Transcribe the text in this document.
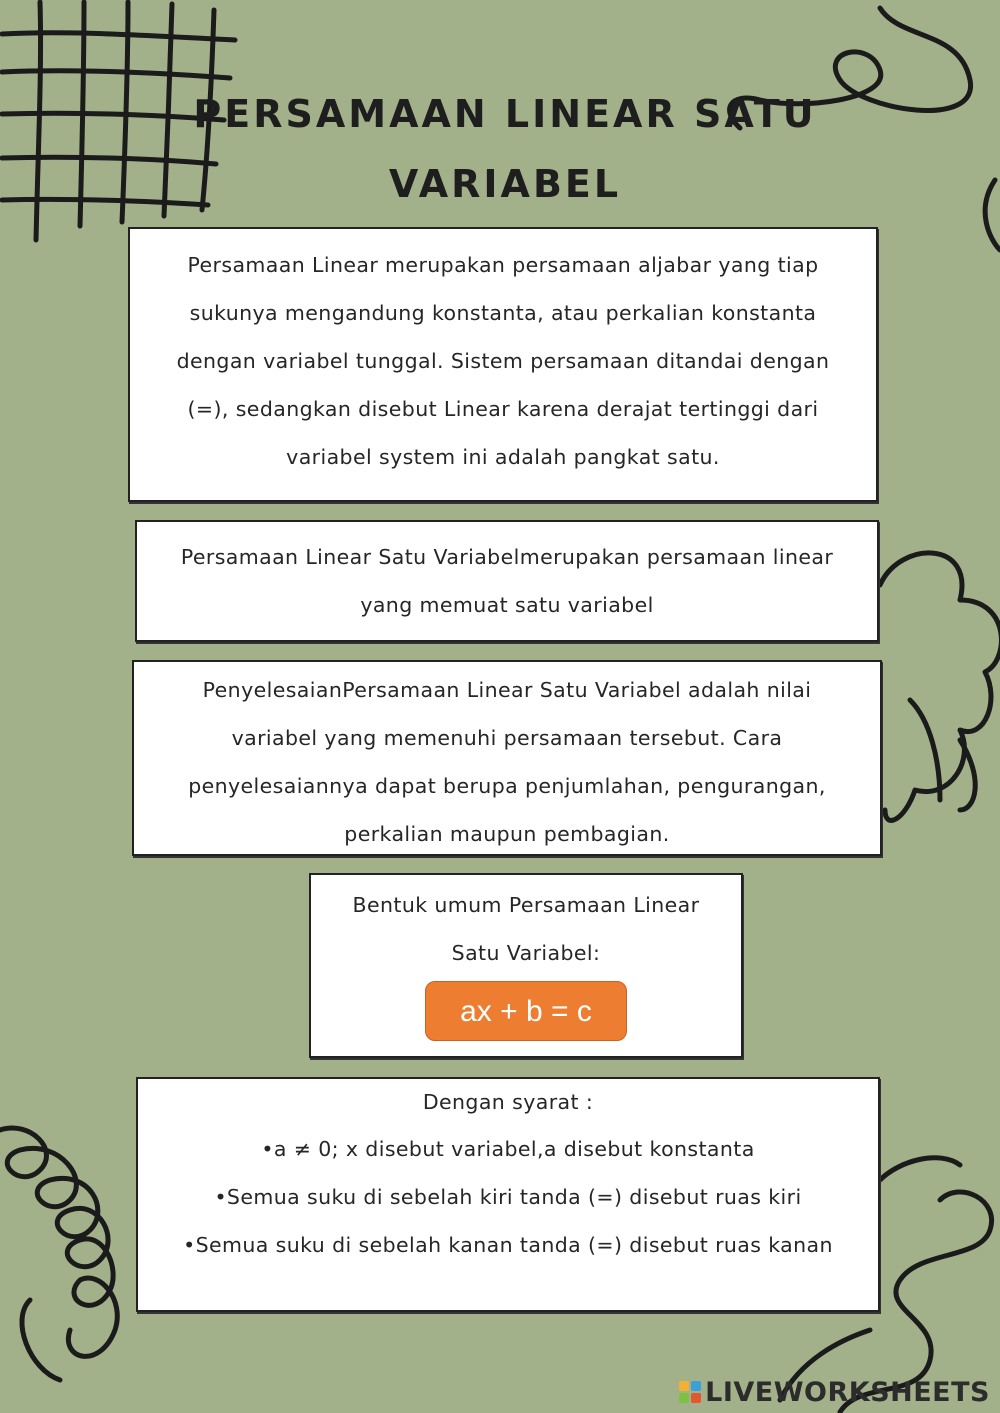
PERSAMAAN LINEAR SATU
VARIABEL

Persamaan Linear merupakan persamaan aljabar yang tiap

sukunya mengandung konstanta, atau perkalian konstanta

dengan variabel tunggal. Sistem persamaan ditandai dengan

(=), sedangkan disebut Linear karena derajat tertinggi dari

variabel system ini adalah pangkat satu.

Persamaan Linear Satu Variabelmerupakan persamaan linear

yang memuat satu variabel

PenyelesaianPersamaan Linear Satu Variabel adalah nilai

variabel yang memenuhi persamaan tersebut. Cara

penyelesaiannya dapat berupa penjumlahan, pengurangan,

perkalian maupun pembagian.

Bentuk umum Persamaan Linear

Satu Variabel:

ax + b = c

Dengan syarat :

•a ≠ 0; x disebut variabel,a disebut konstanta

•Semua suku di sebelah kiri tanda (=) disebut ruas kiri

•Semua suku di sebelah kanan tanda (=) disebut ruas kanan

LIVEWORKSHEETS
